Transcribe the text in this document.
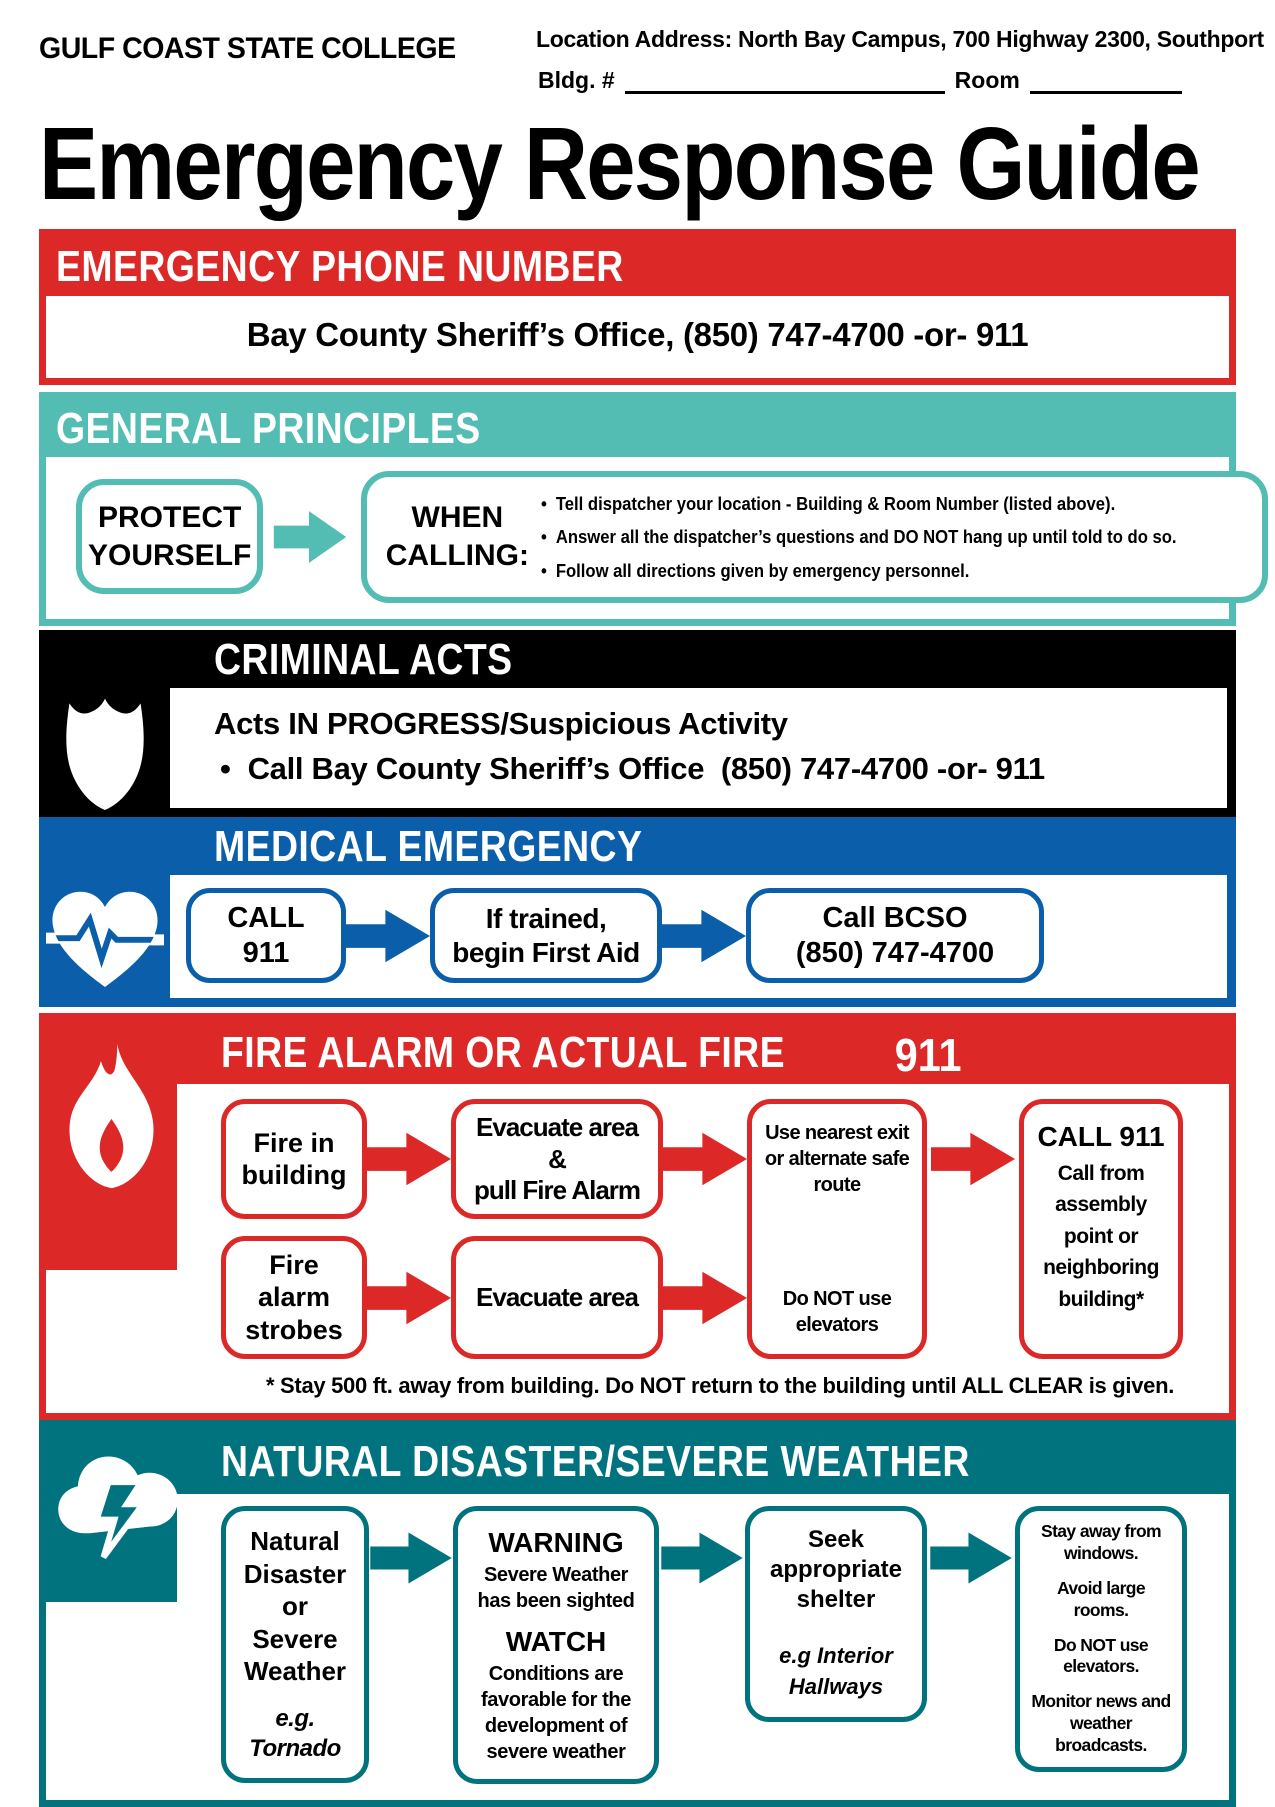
GULF COAST STATE COLLEGE	Location Address: North Bay Campus, 700 Highway 2300, Southport
Bldg. #	Room
Emergency Response Guide
EMERGENCY PHONE NUMBER
Bay County Sheriff’s Office, (850) 747-4700 -or- 911
GENERAL PRINCIPLES
PROTECT
YOURSELF
WHEN
CALLING:
• Tell dispatcher your location - Building & Room Number (listed above).
• Answer all the dispatcher’s questions and DO NOT hang up until told to do so.
• Follow all directions given by emergency personnel.
CRIMINAL ACTS
Acts IN PROGRESS/Suspicious Activity
• Call Bay County Sheriff’s Office  (850) 747-4700 -or- 911
MEDICAL EMERGENCY
CALL
911
If trained,
begin First Aid
Call BCSO
(850) 747-4700
FIRE ALARM OR ACTUAL FIRE 911
Fire in
building
Evacuate area &
pull Fire Alarm
Use nearest exit or alternate safe route
Do NOT use elevators
CALL 911
Call from assembly point or neighboring building*
Fire alarm
strobes
Evacuate area
* Stay 500 ft. away from building. Do NOT return to the building until ALL CLEAR is given.
NATURAL DISASTER/SEVERE WEATHER
Natural Disaster or Severe Weather
e.g. Tornado
WARNING
Severe Weather has been sighted
WATCH
Conditions are favorable for the development of severe weather
Seek appropriate shelter
e.g Interior Hallways
Stay away from windows.
Avoid large rooms.
Do NOT use elevators.
Monitor news and weather broadcasts.
